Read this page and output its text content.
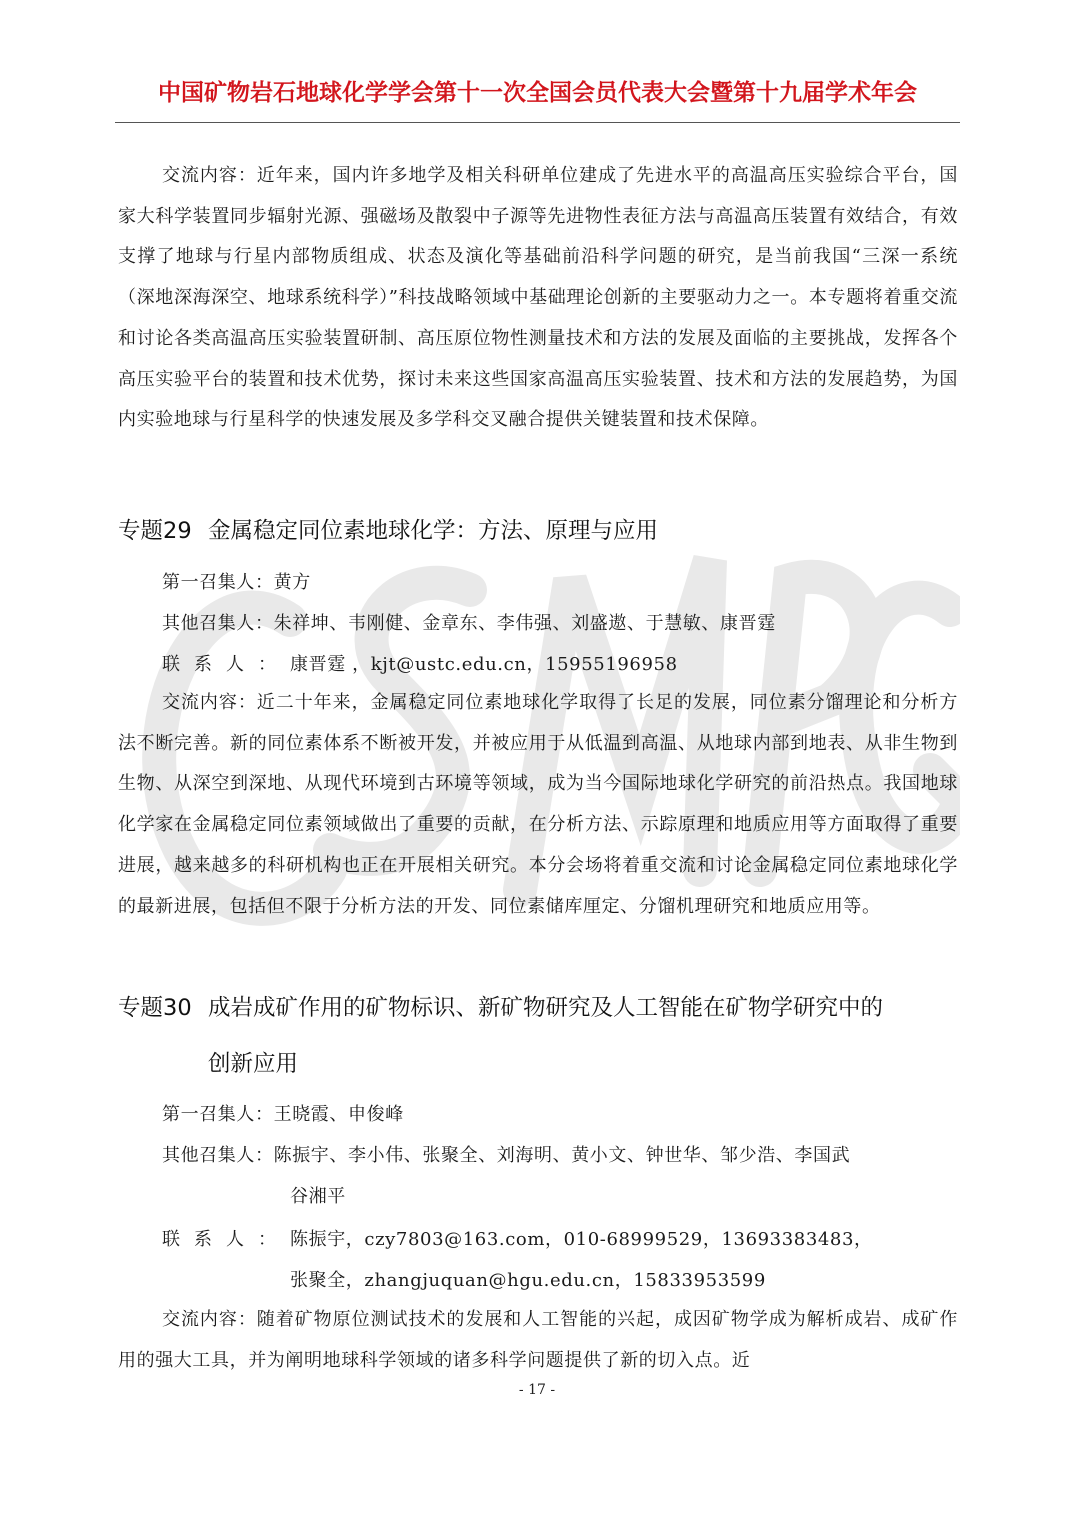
中国矿物岩石地球化学学会第十一次全国会员代表大会暨第十九届学术年会
交流内容：近年来，国内许多地学及相关科研单位建成了先进水平的高温高压实验综合平台，国家大科学装置同步辐射光源、强磁场及散裂中子源等先进物性表征方法与高温高压装置有效结合，有效支撑了地球与行星内部物质组成、状态及演化等基础前沿科学问题的研究，是当前我国“三深一系统（深地深海深空、地球系统科学）”科技战略领域中基础理论创新的主要驱动力之一。本专题将着重交流和讨论各类高温高压实验装置研制、高压原位物性测量技术和方法的发展及面临的主要挑战，发挥各个高压实验平台的装置和技术优势，探讨未来这些国家高温高压实验装置、技术和方法的发展趋势，为国内实验地球与行星科学的快速发展及多学科交叉融合提供关键装置和技术保障。
专题29 金属稳定同位素地球化学：方法、原理与应用
第一召集人：黄方
其他召集人：朱祥坤、韦刚健、金章东、李伟强、刘盛遨、于慧敏、康晋霆
联系人：康晋霆 ，kjt@ustc.edu.cn，15955196958
交流内容：近二十年来，金属稳定同位素地球化学取得了长足的发展，同位素分馏理论和分析方法不断完善。新的同位素体系不断被开发，并被应用于从低温到高温、从地球内部到地表、从非生物到生物、从深空到深地、从现代环境到古环境等领域，成为当今国际地球化学研究的前沿热点。我国地球化学家在金属稳定同位素领域做出了重要的贡献，在分析方法、示踪原理和地质应用等方面取得了重要进展，越来越多的科研机构也正在开展相关研究。本分会场将着重交流和讨论金属稳定同位素地球化学的最新进展，包括但不限于分析方法的开发、同位素储库厘定、分馏机理研究和地质应用等。
专题30 成岩成矿作用的矿物标识、新矿物研究及人工智能在矿物学研究中的
创新应用
第一召集人：王晓霞、申俊峰
其他召集人：陈振宇、李小伟、张聚全、刘海明、黄小文、钟世华、邹少浩、李国武
谷湘平
联系人：陈振宇，czy7803@163.com，010-68999529，13693383483，
张聚全，zhangjuquan@hgu.edu.cn，15833953599
交流内容：随着矿物原位测试技术的发展和人工智能的兴起，成因矿物学成为解析成岩、成矿作用的强大工具，并为阐明地球科学领域的诸多科学问题提供了新的切入点。近
- 17 -
